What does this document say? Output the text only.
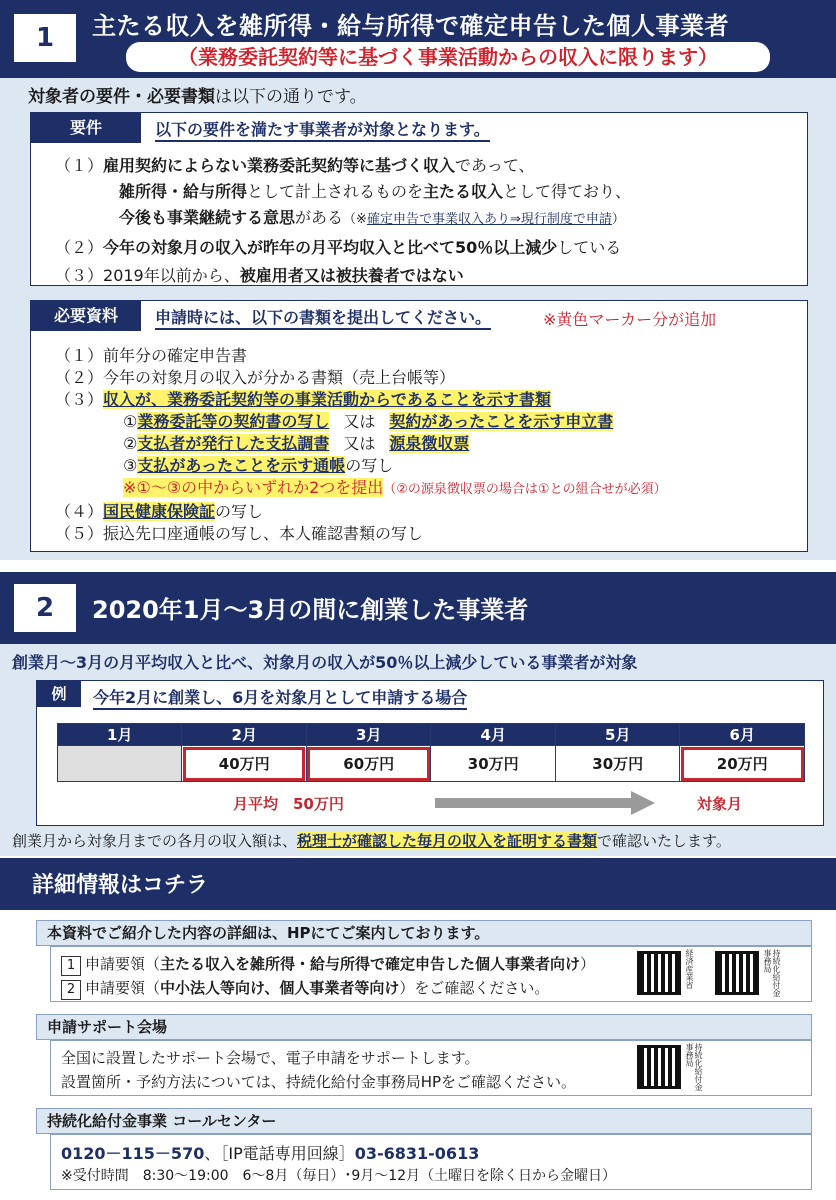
1	主たる収入を雑所得・給与所得で確定申告した個人事業者
（業務委託契約等に基づく事業活動からの収入に限ります）
対象者の要件・必要書類は以下の通りです。
要件	以下の要件を満たす事業者が対象となります。
（１）雇用契約によらない業務委託契約等に基づく収入であって、
雑所得・給与所得として計上されるものを主たる収入として得ており、
今後も事業継続する意思がある（※確定申告で事業収入あり⇒現行制度で申請）
（２）今年の対象月の収入が昨年の月平均収入と比べて50％以上減少している
（３）2019年以前から、被雇用者又は被扶養者ではない
必要資料	申請時には、以下の書類を提出してください。	※黄色マーカー分が追加
（１）前年分の確定申告書
（２）今年の対象月の収入が分かる書類（売上台帳等）
（３）収入が、業務委託契約等の事業活動からであることを示す書類
①業務委託等の契約書の写し 又は 契約があったことを示す申立書
②支払者が発行した支払調書 又は 源泉徴収票
③支払があったことを示す通帳の写し
※①～③の中からいずれか2つを提出（②の源泉徴収票の場合は①との組合せが必須）
（４）国民健康保険証の写し
（５）振込先口座通帳の写し、本人確認書類の写し
2	2020年1月～3月の間に創業した事業者
創業月～3月の月平均収入と比べ、対象月の収入が50％以上減少している事業者が対象
例	今年2月に創業し、6月を対象月として申請する場合
1月	2月	3月	4月	5月	6月
	40万円	60万円	30万円	30万円	20万円
月平均　50万円	対象月
創業月から対象月までの各月の収入額は、税理士が確認した毎月の収入を証明する書類で確認いたします。
詳細情報はコチラ
本資料でご紹介した内容の詳細は、HPにてご案内しております。
1 申請要領（主たる収入を雑所得・給与所得で確定申告した個人事業者向け）
2 申請要領（中小法人等向け、個人事業者等向け）をご確認ください。	経済産業省	持続化給付金事務局
申請サポート会場
全国に設置したサポート会場で、電子申請をサポートします。
設置箇所・予約方法については、持続化給付金事務局HPをご確認ください。	持続化給付金事務局
持続化給付金事業 コールセンター
0120－115－570、［IP電話専用回線］03-6831-0613
※受付時間　8:30～19:00　6～8月（毎日）･9月～12月（土曜日を除く日から金曜日）
